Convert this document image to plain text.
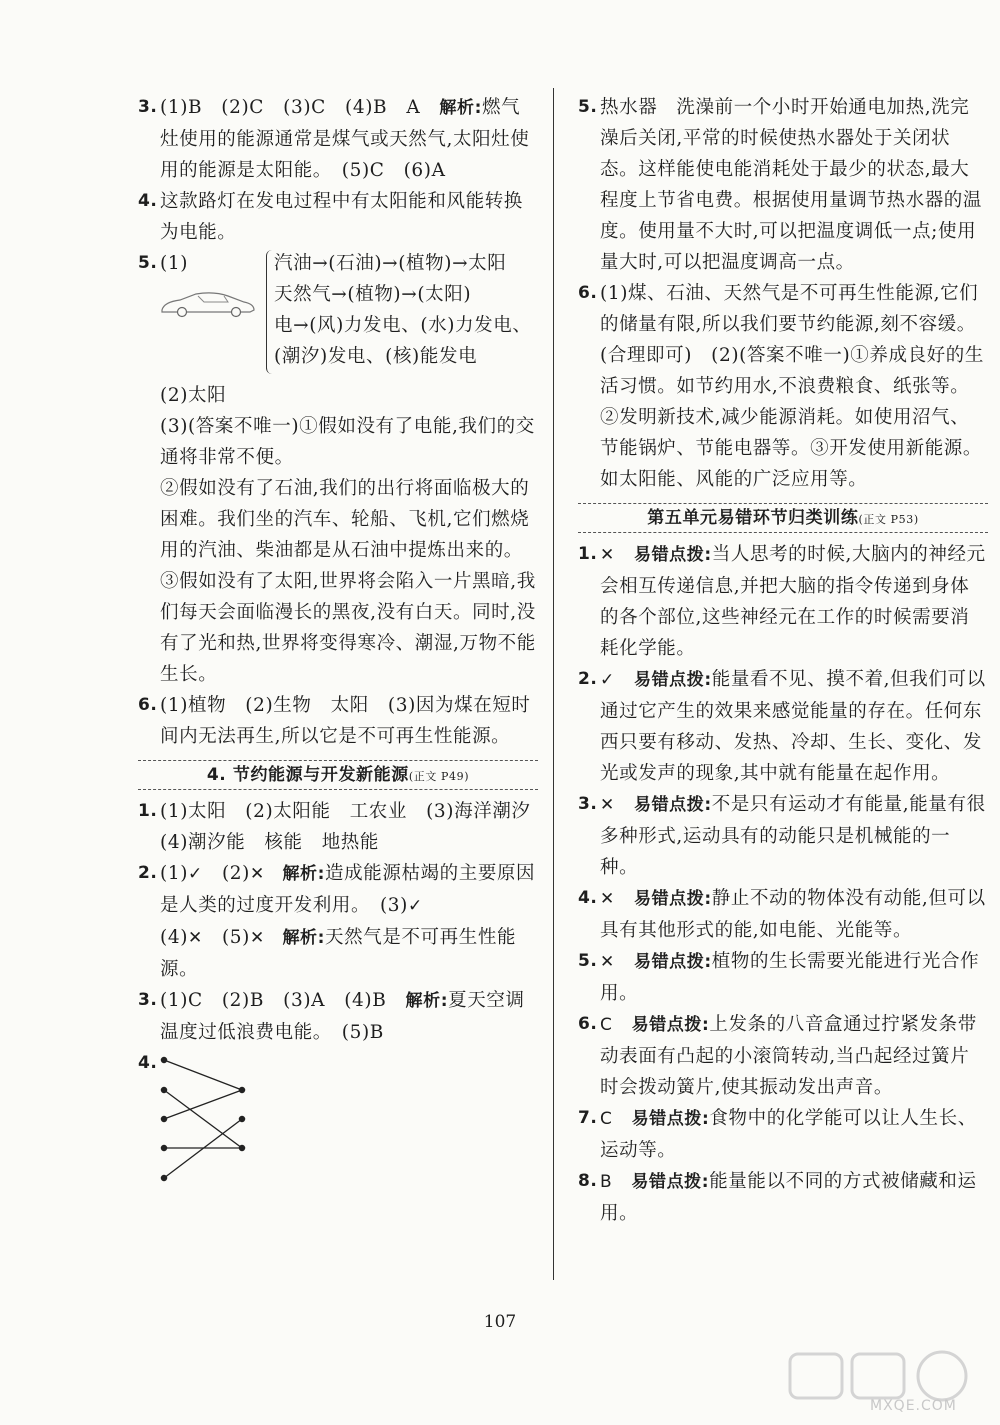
3. (1)B　(2)C　(3)C　(4)B　A　解析:燃气灶使用的能源通常是煤气或天然气,太阳灶使用的能源是太阳能。　(5)C　(6)A
4. 这款路灯在发电过程中有太阳能和风能转换为电能。
5. (1)	汽油→(石油)→(植物)→太阳
天然气→(植物)→(太阳)
电→(风)力发电、(水)力发电、
(潮汐)发电、(核)能发电
(2)太阳
(3)(答案不唯一)①假如没有了电能,我们的交通将非常不便。
②假如没有了石油,我们的出行将面临极大的困难。我们坐的汽车、轮船、飞机,它们燃烧用的汽油、柴油都是从石油中提炼出来的。
③假如没有了太阳,世界将会陷入一片黑暗,我们每天会面临漫长的黑夜,没有白天。同时,没有了光和热,世界将变得寒冷、潮湿,万物不能生长。
6. (1)植物　(2)生物　太阳　(3)因为煤在短时间内无法再生,所以它是不可再生性能源。
4. 节约能源与开发新能源(正文 P49)
1. (1)太阳　(2)太阳能　工农业　(3)海洋潮汐　(4)潮汐能　核能　地热能
2. (1)✓　(2)✕　解析:造成能源枯竭的主要原因是人类的过度开发利用。　(3)✓
(4)✕　(5)✕　解析:天然气是不可再生性能源。
3. (1)C　(2)B　(3)A　(4)B　解析:夏天空调温度过低浪费电能。　(5)B
4.
5. 热水器　洗澡前一个小时开始通电加热,洗完澡后关闭,平常的时候使热水器处于关闭状态。这样能使电能消耗处于最少的状态,最大程度上节省电费。根据使用量调节热水器的温度。使用量不大时,可以把温度调低一点;使用量大时,可以把温度调高一点。
6. (1)煤、石油、天然气是不可再生性能源,它们的储量有限,所以我们要节约能源,刻不容缓。(合理即可)　(2)(答案不唯一)①养成良好的生活习惯。如节约用水,不浪费粮食、纸张等。②发明新技术,减少能源消耗。如使用沼气、节能锅炉、节能电器等。③开发使用新能源。如太阳能、风能的广泛应用等。
第五单元易错环节归类训练(正文 P53)
1. ✕　 易错点拨:当人思考的时候,大脑内的神经元会相互传递信息,并把大脑的指令传递到身体的各个部位,这些神经元在工作的时候需要消耗化学能。
2. ✓　 易错点拨:能量看不见、摸不着,但我们可以通过它产生的效果来感觉能量的存在。任何东西只要有移动、发热、冷却、生长、变化、发光或发声的现象,其中就有能量在起作用。
3. ✕　 易错点拨:不是只有运动才有能量,能量有很多种形式,运动具有的动能只是机械能的一种。
4. ✕　 易错点拨:静止不动的物体没有动能,但可以具有其他形式的能,如电能、光能等。
5. ✕　 易错点拨:植物的生长需要光能进行光合作用。
6. C　 易错点拨:上发条的八音盒通过拧紧发条带动表面有凸起的小滚筒转动,当凸起经过簧片时会拨动簧片,使其振动发出声音。
7. C　 易错点拨:食物中的化学能可以让人生长、运动等。
8. B　 易错点拨:能量能以不同的方式被储藏和运用。
107
MXQE.COM
